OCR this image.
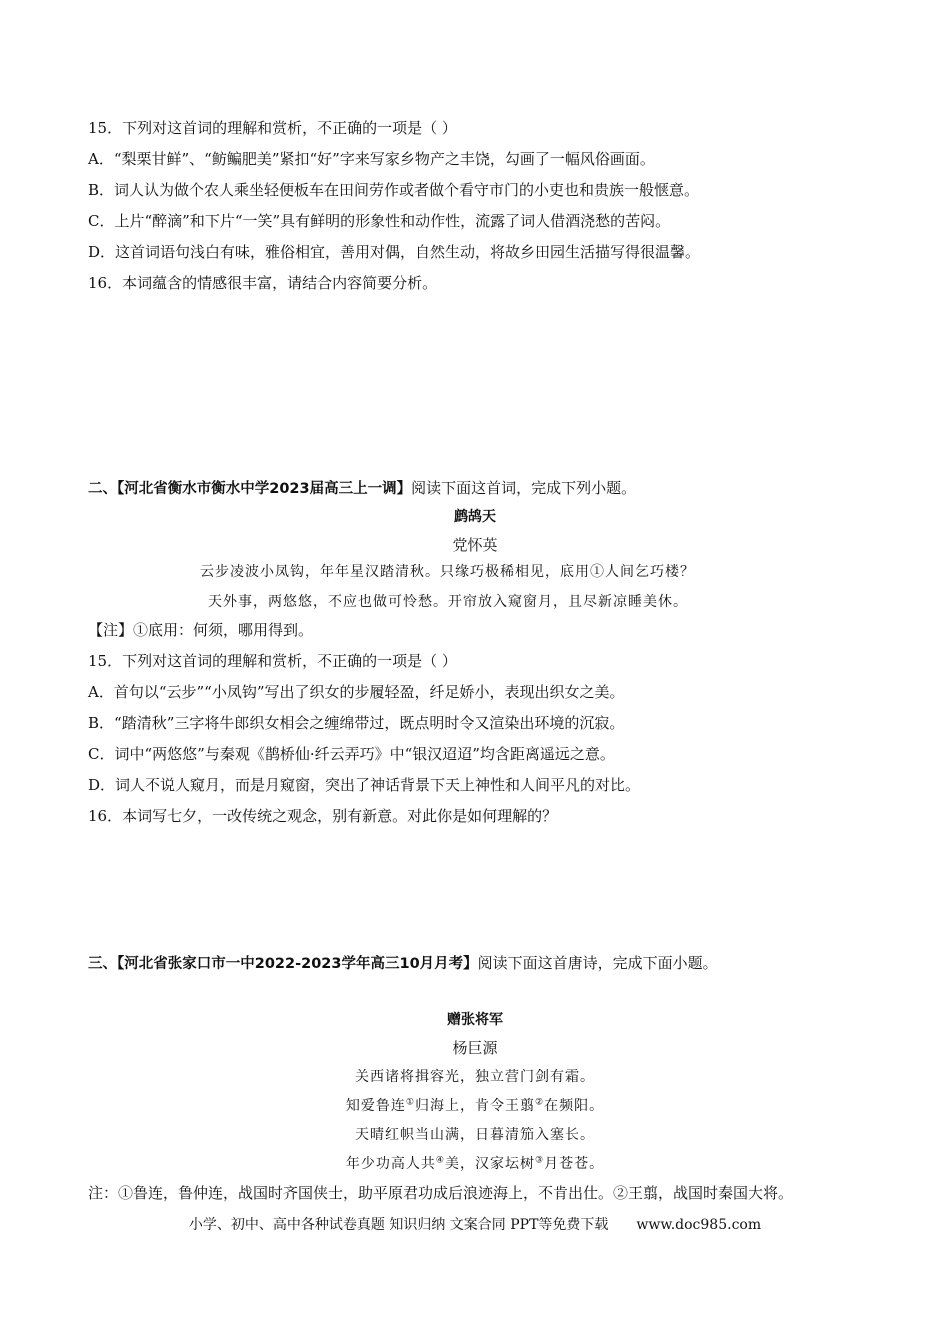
15．下列对这首词的理解和赏析，不正确的一项是（ ）
A．“梨栗甘鲜”、“鲂鳊肥美”紧扣“好”字来写家乡物产之丰饶，勾画了一幅风俗画面。
B．词人认为做个农人乘坐轻便板车在田间劳作或者做个看守市门的小吏也和贵族一般惬意。
C．上片“醉滴”和下片“一笑”具有鲜明的形象性和动作性，流露了词人借酒浇愁的苦闷。
D．这首词语句浅白有味，雅俗相宜，善用对偶，自然生动，将故乡田园生活描写得很温馨。
16．本词蕴含的情感很丰富，请结合内容简要分析。
二、【河北省衡水市衡水中学2023届高三上一调】阅读下面这首词，完成下列小题。
鹧鸪天
党怀英
云步凌波小凤钩，年年星汉踏清秋。只缘巧极稀相见，底用①人间乞巧楼？
天外事，两悠悠，不应也做可怜愁。开帘放入窥窗月，且尽新凉睡美休。
【注】①底用：何须，哪用得到。
15．下列对这首词的理解和赏析，不正确的一项是（ ）
A．首句以“云步”“小凤钩”写出了织女的步履轻盈，纤足娇小，表现出织女之美。
B．“踏清秋”三字将牛郎织女相会之缠绵带过，既点明时令又渲染出环境的沉寂。
C．词中“两悠悠”与秦观《鹊桥仙·纤云弄巧》中“银汉迢迢”均含距离遥远之意。
D．词人不说人窥月，而是月窥窗，突出了神话背景下天上神性和人间平凡的对比。
16．本词写七夕，一改传统之观念，别有新意。对此你是如何理解的？
三、【河北省张家口市一中2022-2023学年高三10月月考】阅读下面这首唐诗，完成下面小题。
赠张将军
杨巨源
关西诸将揖容光，独立营门剑有霜。
知爱鲁连①归海上，肯令王翦②在频阳。
天晴红帜当山满，日暮清笳入塞长。
年少功高人共④美，汉家坛树③月苍苍。
注：①鲁连，鲁仲连，战国时齐国侠士，助平原君功成后浪迹海上，不肯出仕。②王翦，战国时秦国大将。
小学、初中、高中各种试卷真题 知识归纳 文案合同 PPT等免费下载 www.doc985.com
